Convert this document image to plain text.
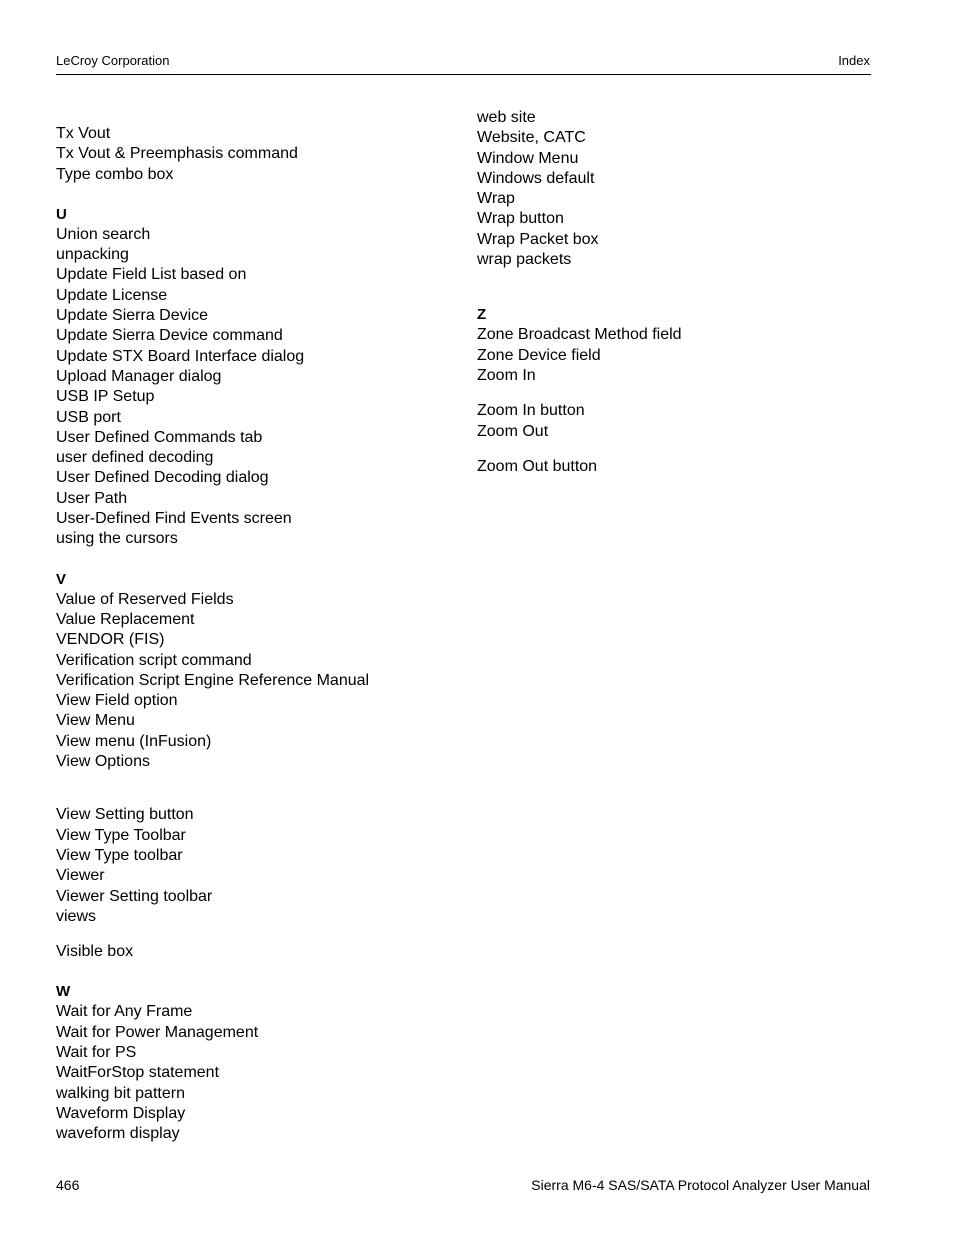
LeCroy Corporation	Index
Tx Vout
Tx Vout & Preemphasis command
Type combo box
U
Union search
unpacking
Update Field List based on
Update License
Update Sierra Device
Update Sierra Device command
Update STX Board Interface dialog
Upload Manager dialog
USB IP Setup
USB port
User Defined Commands tab
user defined decoding
User Defined Decoding dialog
User Path
User-Defined Find Events screen
using the cursors
V
Value of Reserved Fields
Value Replacement
VENDOR (FIS)
Verification script command
Verification Script Engine Reference Manual
View Field option
View Menu
View menu (InFusion)
View Options
View Setting button
View Type Toolbar
View Type toolbar
Viewer
Viewer Setting toolbar
views
Visible box
W
Wait for Any Frame
Wait for Power Management
Wait for PS
WaitForStop statement
walking bit pattern
Waveform Display
waveform display
web site
Website, CATC
Window Menu
Windows default
Wrap
Wrap button
Wrap Packet box
wrap packets
Z
Zone Broadcast Method field
Zone Device field
Zoom In
Zoom In button
Zoom Out
Zoom Out button
466	Sierra M6-4 SAS/SATA Protocol Analyzer User Manual
